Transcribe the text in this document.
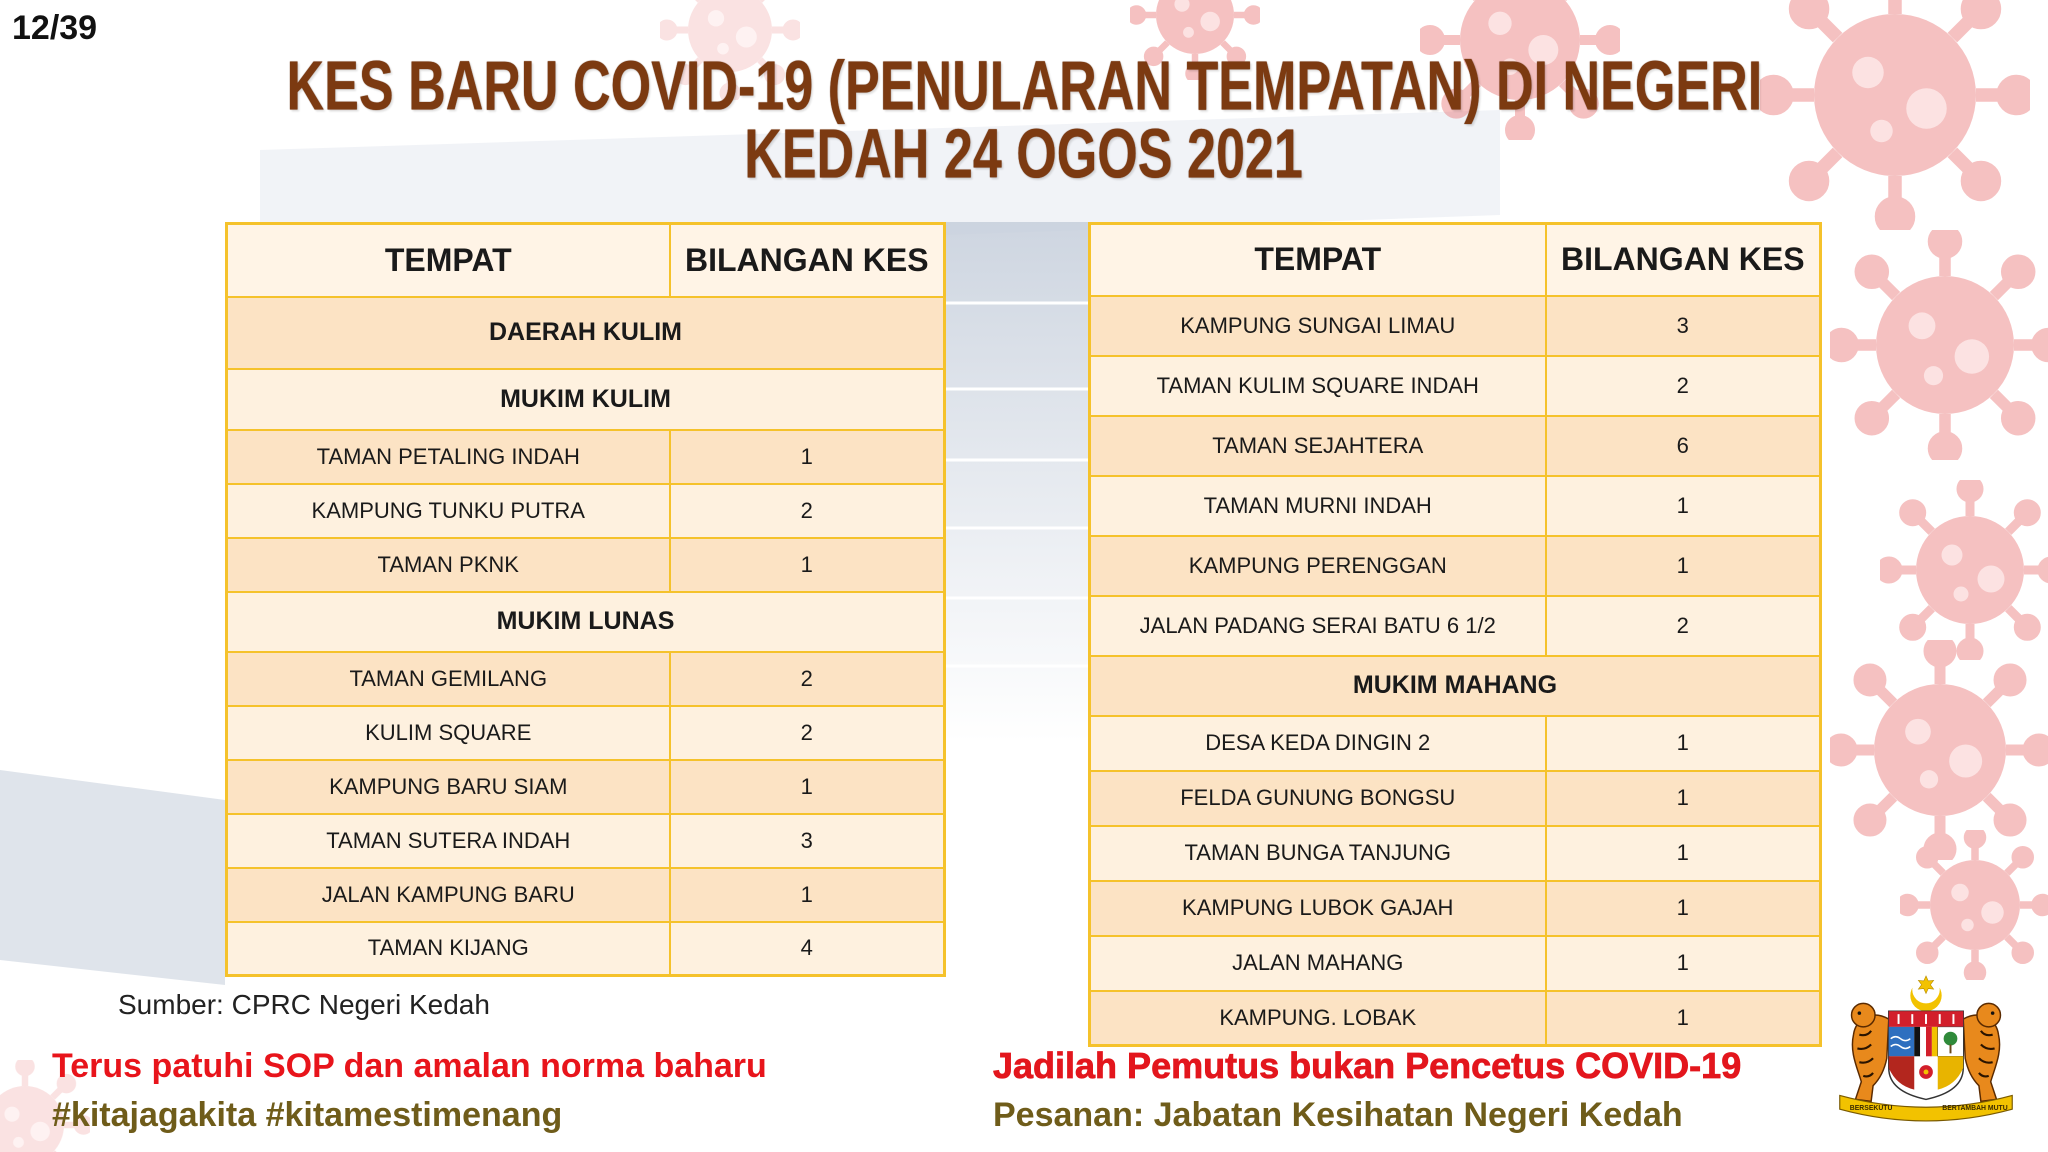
12/39
KES BARU COVID-19 (PENULARAN TEMPATAN) DI NEGERI
KEDAH 24 OGOS 2021
TEMPAT	BILANGAN KES
DAERAH KULIM	
MUKIM KULIM	
TAMAN PETALING INDAH	1
KAMPUNG TUNKU PUTRA	2
TAMAN PKNK	1
MUKIM LUNAS	
TAMAN GEMILANG	2
KULIM SQUARE	2
KAMPUNG BARU SIAM	1
TAMAN SUTERA INDAH	3
JALAN KAMPUNG BARU	1
TAMAN KIJANG	4
TEMPAT	BILANGAN KES
KAMPUNG SUNGAI LIMAU	3
TAMAN KULIM SQUARE INDAH	2
TAMAN SEJAHTERA	6
TAMAN MURNI INDAH	1
KAMPUNG PERENGGAN	1
JALAN PADANG SERAI BATU 6 1/2	2
MUKIM MAHANG	
DESA KEDA DINGIN 2	1
FELDA GUNUNG BONGSU	1
TAMAN BUNGA TANJUNG	1
KAMPUNG LUBOK GAJAH	1
JALAN MAHANG	1
KAMPUNG. LOBAK	1
Sumber: CPRC Negeri Kedah
Terus patuhi SOP dan amalan norma baharu
#kitajagakita #kitamestimenang
Jadilah Pemutus bukan Pencetus COVID-19
Pesanan: Jabatan Kesihatan Negeri Kedah	BERSEKUTU	BERTAMBAH MUTU
